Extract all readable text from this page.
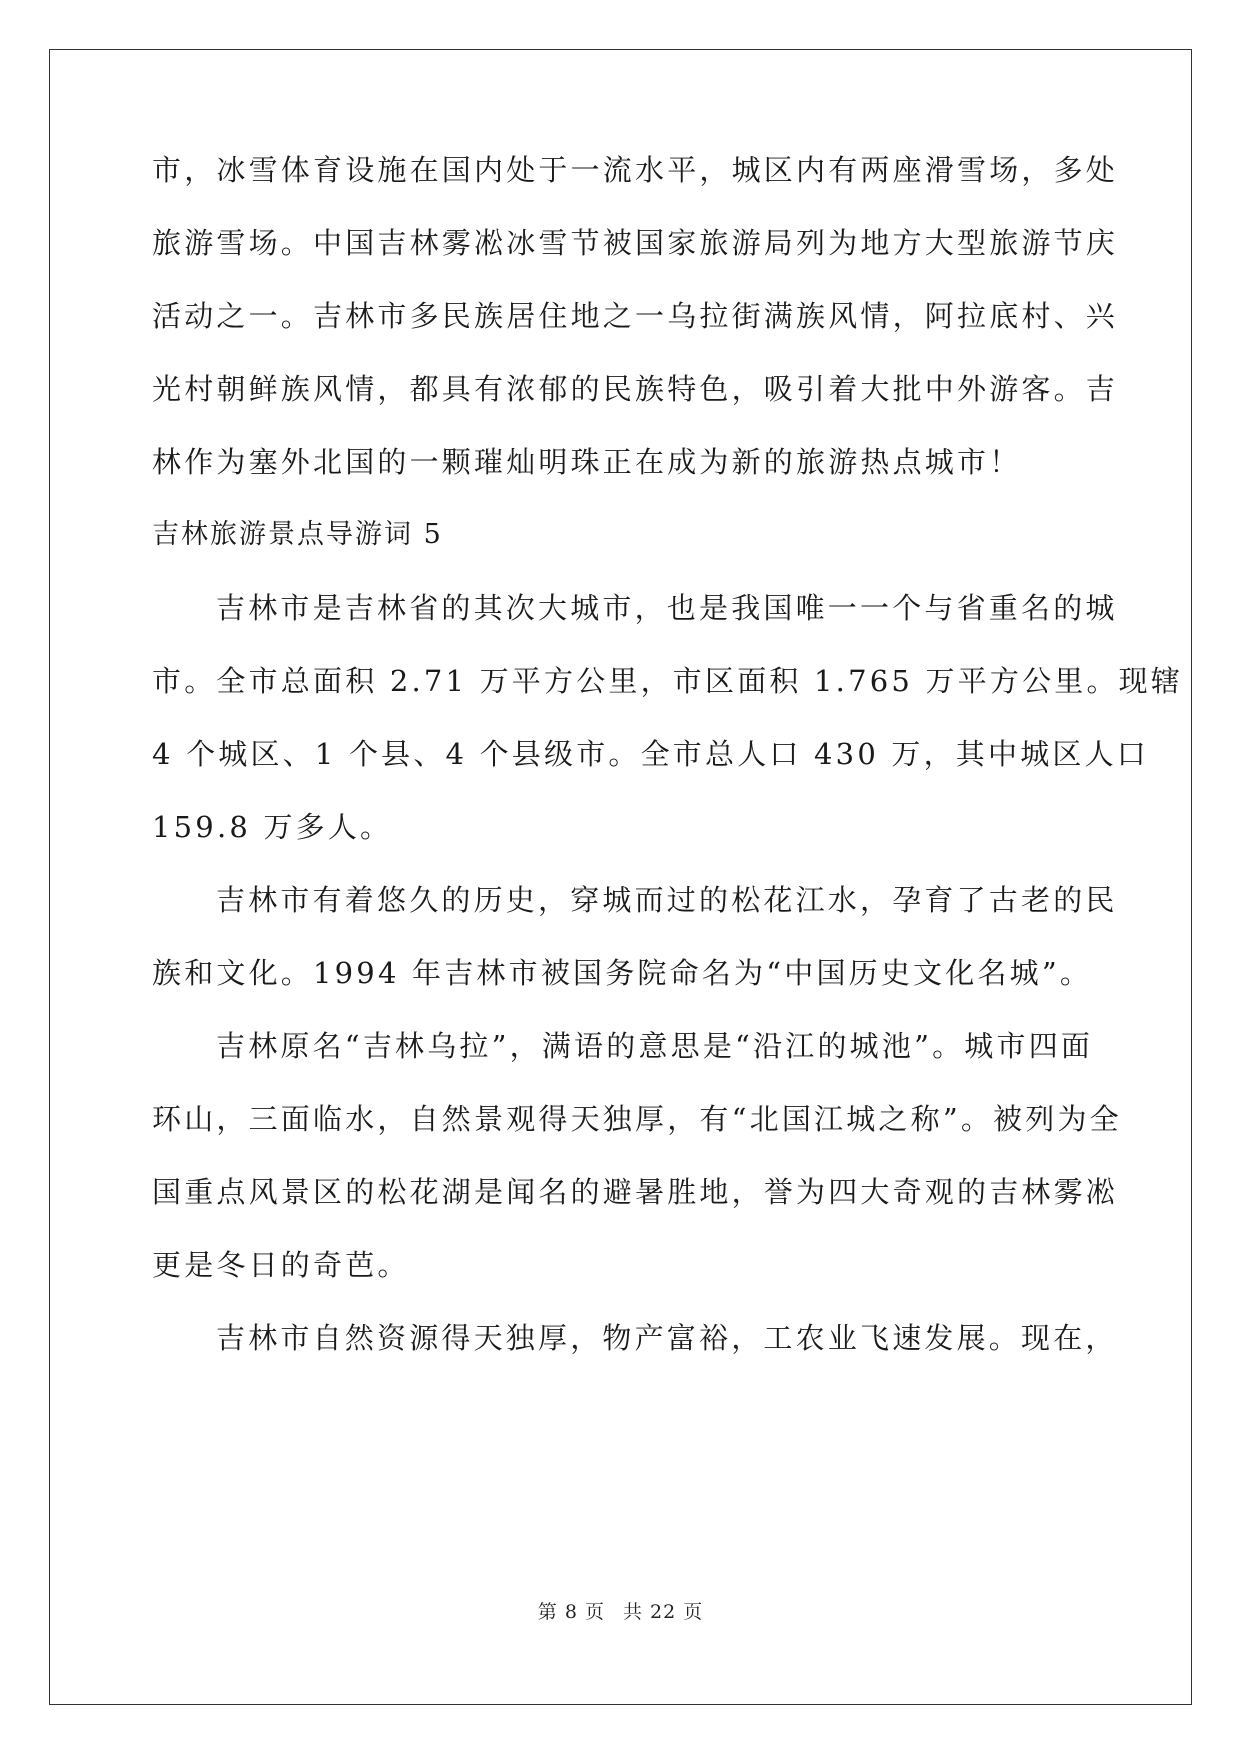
市，冰雪体育设施在国内处于一流水平，城区内有两座滑雪场，多处
旅游雪场。中国吉林雾凇冰雪节被国家旅游局列为地方大型旅游节庆
活动之一。吉林市多民族居住地之一乌拉街满族风情，阿拉底村、兴
光村朝鲜族风情，都具有浓郁的民族特色，吸引着大批中外游客。吉
林作为塞外北国的一颗璀灿明珠正在成为新的旅游热点城市！
吉林旅游景点导游词 5
吉林市是吉林省的其次大城市，也是我国唯一一个与省重名的城
市。全市总面积 2.71 万平方公里，市区面积 1.765 万平方公里。现辖
4 个城区、1 个县、4 个县级市。全市总人口 430 万，其中城区人口
159.8 万多人。
吉林市有着悠久的历史，穿城而过的松花江水，孕育了古老的民
族和文化。1994 年吉林市被国务院命名为“中国历史文化名城”。
吉林原名“吉林乌拉”，满语的意思是“沿江的城池”。城市四面
环山，三面临水，自然景观得天独厚，有“北国江城之称”。被列为全
国重点风景区的松花湖是闻名的避暑胜地，誉为四大奇观的吉林雾凇
更是冬日的奇芭。
吉林市自然资源得天独厚，物产富裕，工农业飞速发展。现在，
第 8 页 共 22 页
